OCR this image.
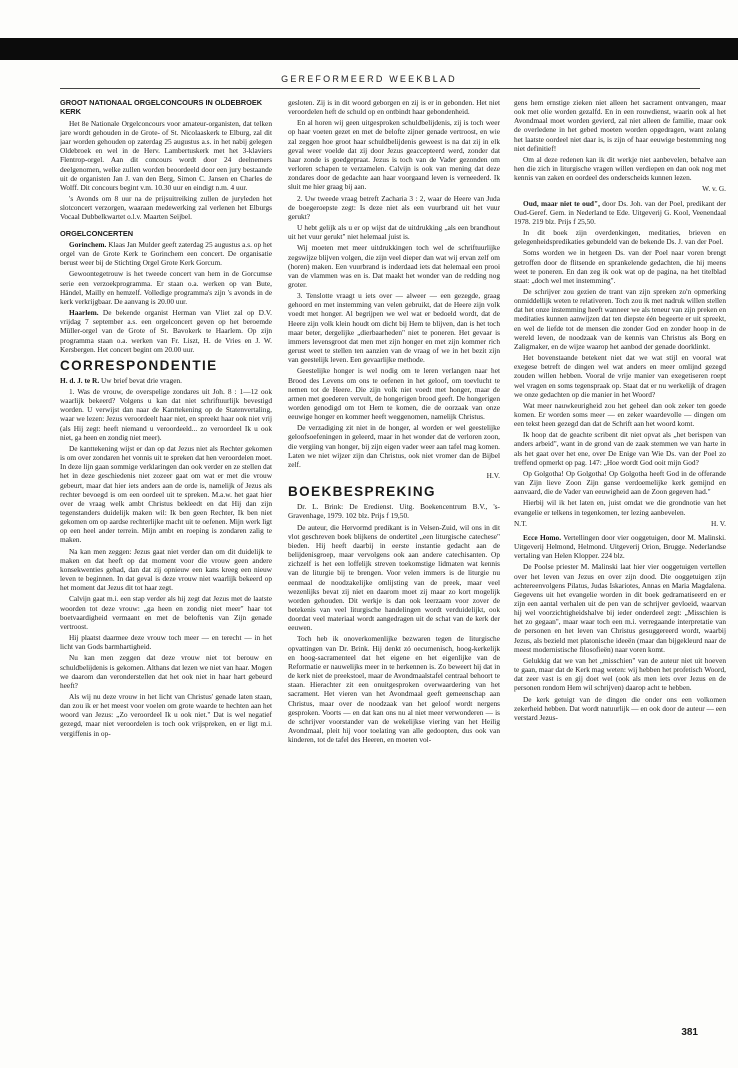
GEREFORMEERD WEEKBLAD
GROOT NATIONAAL ORGELCONCOURS IN OLDEBROEK KERK

Het 8e Nationale Orgelconcours voor amateur-organisten, dat telken jare wordt gehouden in de Grote- of St. Nicolaaskerk te Elburg, zal dit jaar worden gehouden op zaterdag 25 augustus a.s. in het nabij gelegen Oldebroek en wel in de Herv. Lambertuskerk met het 3-klaviers Flentrop-orgel. Aan dit concours wordt door 24 deelnemers deelgenomen, welke zullen worden beoordeeld door een jury bestaande uit de organisten Jan J. van den Berg, Simon C. Jansen en Charles de Wolff. Dit concours begint v.m. 10.30 uur en eindigt n.m. 4 uur.

's Avonds om 8 uur na de prijsuitreiking zullen de juryleden het slotconcert verzorgen, waaraan medewerking zal verlenen het Elburgs Vocaal Dubbelkwartet o.l.v. Maarten Seijbel.

ORGELCONCERTEN

Gorinchem. Klaas Jan Mulder geeft zaterdag 25 augustus a.s. op het orgel van de Grote Kerk te Gorinchem een concert. De organisatie berust weer bij de Stichting Orgel Grote Kerk Gorcum.

Gewoontegetrouw is het tweede concert van hem in de Gorcumse serie een verzoekprogramma. Er staan o.a. werken op van Bute, Händel, Mailly en hemzelf. Volledige programma's zijn 's avonds in de kerk verkrijgbaar. De aanvang is 20.00 uur.

Haarlem. De bekende organist Herman van Vliet zal op D.V. vrijdag 7 september a.s. een orgelconcert geven op het beroemde Müller-orgel van de Grote of St. Bavokerk te Haarlem. Op zijn programma staan o.a. werken van Fr. Liszt, H. de Vries en J. W. Kersbergen. Het concert begint om 20.00 uur.

CORRESPONDENTIE

H. d. J. te R. Uw brief bevat drie vragen.

1. Was de vrouw, de overspelige zondares uit Joh. 8 : 1—12 ook waarlijk bekeerd? Volgens u kan dat niet schriftuurlijk bevestigd worden. U verwijst dan naar de Kanttekening op de Statenvertaling, waar we lezen: Jezus veroordeelt haar niet, en spreekt haar ook niet vrij (als Hij zegt: heeft niemand u veroordeeld... zo veroordeel Ik u ook niet, ga heen en zondig niet meer).

De kanttekening wijst er dan op dat Jezus niet als Rechter gekomen is om over zondaren het vonnis uit te spreken dat hen veroordelen moet. In deze lijn gaan sommige verklaringen dan ook verder en ze stellen dat het in deze geschiedenis niet zozeer gaat om wat er met die vrouw gebeurt, maar dat hier iets anders aan de orde is, namelijk of Jezus als rechter bevoegd is om een oordeel uit te spreken. M.a.w. het gaat hier over de vraag welk ambt Christus bekleedt en dat Hij dan zijn tegenstanders duidelijk maken wil: Ik ben geen Rechter, Ik ben niet gekomen om op aardse rechterlijke macht uit te oefenen. Mijn werk ligt op een heel ander terrein. Mijn ambt en roeping is zondaren zalig te maken.

Na kan men zeggen: Jezus gaat niet verder dan om dit duidelijk te maken en dat heeft op dat moment voor die vrouw geen andere konsekwenties gehad, dan dat zij opnieuw een kans kreeg een nieuw leven te beginnen. In dat geval is deze vrouw niet waarlijk bekeerd op het moment dat Jezus dit tot haar zegt.

Calvijn gaat m.i. een stap verder als hij zegt dat Jezus met de laatste woorden tot deze vrouw: „ga heen en zondig niet meer" haar tot boetvaardigheid vermaant en met de beloftenis van Zijn genade vertroost.

Hij plaatst daarmee deze vrouw toch meer — en terecht — in het licht van Gods barmhartigheid.

Nu kan men zeggen dat deze vrouw niet tot berouw en schuldbelijdenis is gekomen. Althans dat lezen we niet van haar. Mogen we daarom dan veronderstellen dat het ook niet in haar hart gebeurd heeft?

Als wij nu deze vrouw in het licht van Christus' genade laten staan, dan zou ik er het meest voor voelen om grote waarde te hechten aan het woord van Jezus: „Zo veroordeel Ik u ook niet." Dat is wel negatief gezegd, maar niet veroordelen is toch ook vrijspreken, en er ligt m.i. vergiffenis in op-

gesloten. Zij is in dit woord geborgen en zij is er in gebonden. Het niet veroordelen heft de schuld op en ontbindt haar gebondenheid.

En al horen wij geen uitgesproken schuldbelijdenis, zij is toch weer op haar voeten gezet en met de belofte zijner genade vertroost, en wie zal zeggen hoe groot haar schuldbelijdenis geweest is na dat zij in elk geval weer voelde dat zij door Jezus geaccepteerd werd, zonder dat haar zonde is goedgepraat. Jezus is toch van de Vader gezonden om verloren schapen te verzamelen. Calvijn is ook van mening dat deze zondares door de gedachte aan haar voorgaand leven is verneederd. Ik sluit me hier graag bij aan.

2. Uw tweede vraag betreft Zacharia 3 : 2, waar de Heere van Juda de boegeroepste zegt: Is deze niet als een vuurbrand uit het vuur gerukt?

U hebt gelijk als u er op wijst dat de uitdrukking „als een brandhout uit het vuur gerukt" niet helemaal juist is.

Wij moeten met meer uitdrukkingen toch wel de schriftuurlijke zegswijze blijven volgen, die zijn veel dieper dan wat wij ervan zelf om (horen) maken. Een vuurbrand is inderdaad iets dat helemaal een prooi van de vlammen was en is. Dat maakt het wonder van de redding nog groter.

3. Tenslotte vraagt u iets over — alweer — een gezegde, graag gehoord en met instemming van velen gebruikt, dat de Heere zijn volk voedt met honger. Al begrijpen we wel wat er bedoeld wordt, dat de Heere zijn volk klein houdt om dicht bij Hem te blijven, dan is het toch maar beter, dergelijke „dierbaarheden" niet te poneren. Het gevaar is immers levensgroot dat men met zijn honger en met zijn kommer rich gerust weet te stellen ten aanzien van de vraag of we in het bezit zijn van geestelijk leven. Een gevaarlijke methode.

Geestelijke honger is wel nodig om te leren verlangen naar het Brood des Levens om ons te oefenen in het geloof, om toevlucht te nemen tot de Heere. Die zijn volk niet voedt met honger, maar de armen met goederen vervult, de hongerigen brood geeft. De hongerigen worden genodigd om tot Hem te komen, die de oorzaak van onze eeuwige honger en kommer heeft weggenomen, namelijk Christus.

De verzadiging zit niet in de honger, al worden er wel geestelijke geloofsoefeningen in geleerd, maar in het wonder dat de verloren zoon, die vergiing van honger, bij zijn eigen vader weer aan tafel mag komen. Laten we niet wijzer zijn dan Christus, ook niet vromer dan de Bijbel zelf.

H.V.
BOEKBESPREKING

Dr. L. Brink: De Eredienst. Uitg. Boekencentrum B.V., 's-Gravenhage, 1979. 102 blz. Prijs f 19,50.

De auteur, die Hervormd predikant is in Velsen-Zuid, wil ons in dit vlot geschreven boek blijkens de ondertitel „een liturgische catechese" bieden. Hij heeft daarbij in eerste instantie gedacht aan de belijdenisgroep, maar vervolgens ook aan andere catechisanten. Op zichzelf is het een loffelijk streven toekomstige lidmaten wat kennis van de liturgie bij te brengen. Voor velen immers is de liturgie nu eenmaal de noodzakelijke omlijsting van de preek, maar veel wezenlijks bevat zij niet en daarom moet zij maar zo kort mogelijk worden gehouden. Dit werkje is dan ook leerzaam voor zover de betekenis van veel liturgische handelingen wordt verduidelijkt, ook doordat veel materiaal wordt aangedragen uit de schat van de kerk der eeuwen.

Toch heb ik onoverkomenlijke bezwaren tegen de liturgische opvattingen van Dr. Brink. Hij denkt zó oecumenisch, hoog-kerkelijk en hoog-sacramenteel dat het eigene en het eigenlijke van de Reformatie er nauwelijks meer in te herkennen is. Zo beweert hij dat in de kerk niet de preekstoel, maar de Avondmaalstafel centraal behoort te staan. Hierachter zit een onuitgesproken overwaardering van het sacrament. Het vieren van het Avondmaal geeft gemeenschap aan Christus, maar over de noodzaak van het geloof wordt nergens gesproken. Voorts — en dat kan ons nu al niet meer verwonderen — is de schrijver voorstander van de wekelijkse viering van het Heilig Avondmaal, pleit hij voor toelating van alle gedoopten, dus ook van kinderen, tot de tafel des Heeren, en moeten vol-

gens hem ernstige zieken niet alleen het sacrament ontvangen, maar ook met olie worden gezalfd. En in een rouwdienst, waarin ook al het Avondmaal moet worden gevierd, zal niet alleen de familie, maar ook de overledene in het gebed moeten worden opgedragen, want zolang het laatste oordeel niet daar is, is zijn of haar eeuwige bestemming nog niet definitief!

Om al deze redenen kan ik dit werkje niet aanbevelen, behalve aan hen die zich in liturgische vragen willen verdiepen en dan ook nog met kennis van zaken en oordeel des onderscheids kunnen lezen.

W. v. G.

Oud, maar niet te oud", door Ds. Joh. van der Poel, predikant der Oud-Geref. Gem. in Nederland te Ede. Uitgeverij G. Kool, Veenendaal 1978. 219 blz. Prijs f 25,50.

In dit boek zijn overdenkingen, meditaties, brieven en gelegenheidspredikaties gebundeld van de bekende Ds. J. van der Poel.

Soms worden we in hetgeen Ds. van der Poel naar voren brengt getroffen door de flitsende en sprankelende gedachten, die hij meens weet te poneren. En dan zeg ik ook wat op de pagina, na het titelblad staat: „doch wel met instemming".

De schrijver zou gezien de trant van zijn spreken zo'n opmerking onmiddellijk weten te relativeren. Toch zou ik met nadruk willen stellen dat het onze instemming heeft wanneer we als teneur van zijn preken en meditaties kunnen aanwijzen dat ten diepste één begeerte er uit spreekt, en wel de liefde tot de mensen die zonder God en zonder hoop in de wereld leven, de noodzaak van de kennis van Christus als Borg en Zaligmaker, en de wijze waarop het aanbod der genade doorklinkt.

Het bovenstaande betekent niet dat we wat stijl en vooral wat exegese betreft de dingen wel wat anders en meer omlijnd gezegd zouden willen hebben. Vooral de vrije manier van exegetiseren roept wel vragen en soms tegenspraak op. Staat dat er nu werkelijk of dragen we onze gedachten op die manier in het Woord?

Wat meer nauwkeurigheid zou het geheel dan ook zeker ten goede komen. Er worden soms meer — en zeker waardevolle — dingen om een tekst heen gezegd dan dat de Schrift aan het woord komt.

Ik hoop dat de geachte scribent dit niet opvat als „het berispen van anders arbeid", want in de grond van de zaak stemmen we van harte in als het gaat over het ene, over De Enige van Wie Ds. van der Poel zo treffend opmerkt op pag. 147: „Hoe wordt God ooit mijn God?

Op Golgotha! Op Golgotha! Op Golgotha heeft God in de offerande van Zijn lieve Zoon Zijn ganse verdoemelijke kerk gemijnd en aanvaard, die de Vader van eeuwigheid aan de Zoon gegeven had."

Hierbij wil ik het laten en, juist omdat we die grondnotie van het evangelie er telkens in tegenkomen, ter lezing aanbevelen.

N.T.	H. V.

Ecce Homo. Vertellingen door vier ooggetuigen, door M. Malinski. Uitgeverij Helmond, Helmond. Uitgeverij Orion, Brugge. Nederlandse vertaling van Helen Klopper. 224 blz.

De Poolse priester M. Malinski laat hier vier ooggetuigen vertellen over het leven van Jezus en over zijn dood. Die ooggetuigen zijn achtereenvolgens Pilatus, Judas Iskariotes, Annas en Maria Magdalena. Gegevens uit het evangelie worden in dit boek gedramatiseerd en er zijn een aantal verhalen uit de pen van de schrijver gevloeid, waarvan hij wel voorzichtigheidshalve bij ieder onderdeel zegt: „Misschien is het zo gegaan", maar waar toch een m.i. verregaande interpretatie van de personen en het leven van Christus gesuggereerd wordt, waarbij Jezus, als bezield met platonische ideeën (maar dan bijgekleurd naar de meest modernistische filosofieën) naar voren komt.

Gelukkig dat we van het „misschien" van de auteur niet uit hoeven te gaan, maar dat de Kerk mag weten: wij hebben het profetisch Woord, dat zeer vast is en gij doet wel (ook als men iets over Jezus en de personen rondom Hem wil schrijven) daarop acht te hebben.

De kerk getuigt van de dingen die onder ons een volkomen zekerheid hebben. Dat wordt natuurlijk — en ook door de auteur — een verstard Jezus-

381
